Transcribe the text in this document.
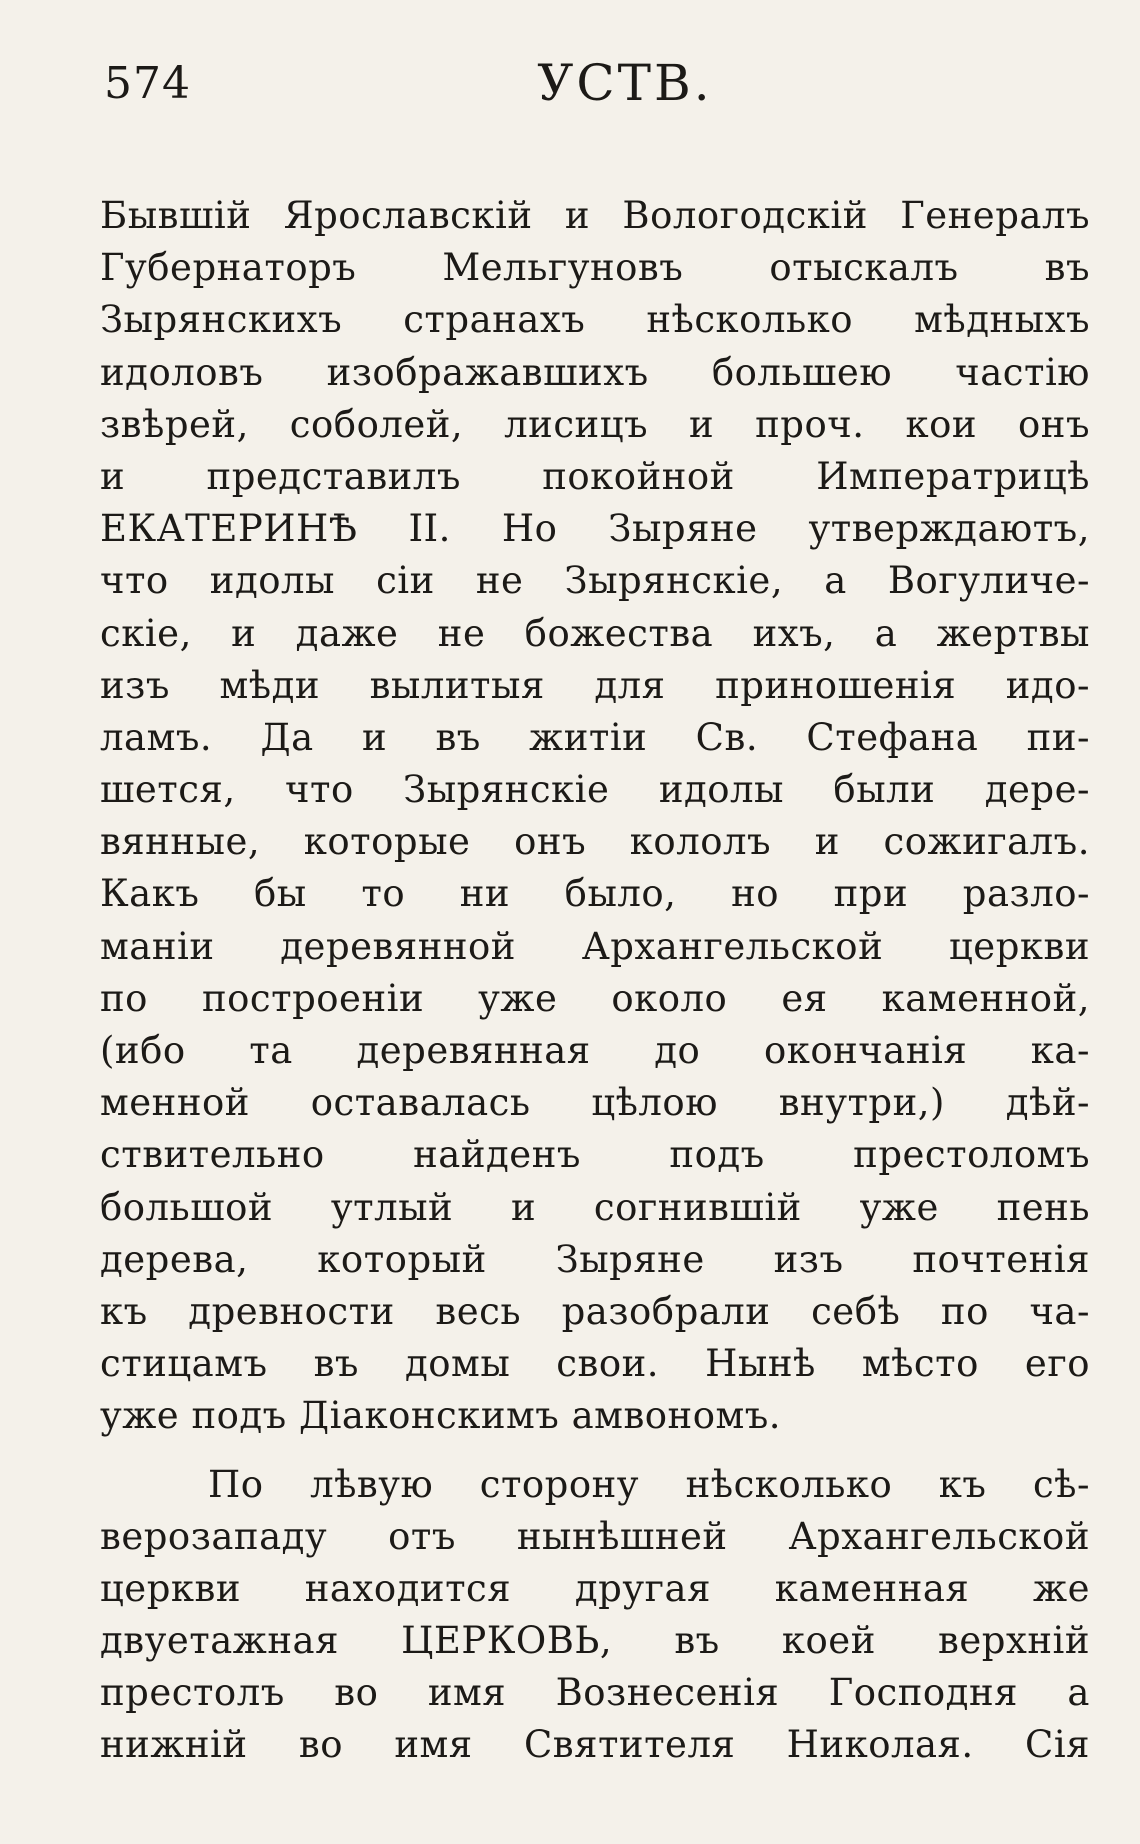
574	УСТВ.
Бывшій Ярославскій и Вологодскій Генералъ
Губернаторъ Мельгуновъ отыскалъ въ
Зырянскихъ странахъ нѣсколько мѣдныхъ
идоловъ изображавшихъ большею частію
звѣрей, соболей, лисицъ и проч. кои онъ
и представилъ покойной Императрицѣ
ЕКАТЕРИНѢ II. Но Зыряне утверждаютъ,
что идолы сіи не Зырянскіе, а Вогуличе-
скіе, и даже не божества ихъ, а жертвы
изъ мѣди вылитыя для приношенія идо-
ламъ. Да и въ житіи Св. Стефана пи-
шется, что Зырянскіе идолы были дере-
вянные, которые онъ кололъ и сожигалъ.
Какъ бы то ни было, но при разло-
маніи деревянной Архангельской церкви
по построеніи уже около ея каменной,
(ибо та деревянная до окончанія ка-
менной оставалась цѣлою внутри,) дѣй-
ствительно найденъ подъ престоломъ
большой утлый и согнившій уже пень
дерева, который Зыряне изъ почтенія
къ древности весь разобрали себѣ по ча-
стицамъ въ домы свои. Нынѣ мѣсто его
уже подъ Діаконскимъ амвономъ.
По лѣвую сторону нѣсколько къ сѣ-
верозападу отъ нынѣшней Архангельской
церкви находится другая каменная же
двуетажная ЦЕРКОВЬ, въ коей верхній
престолъ во имя Вознесенія Господня а
нижній во имя Святителя Николая. Сія
